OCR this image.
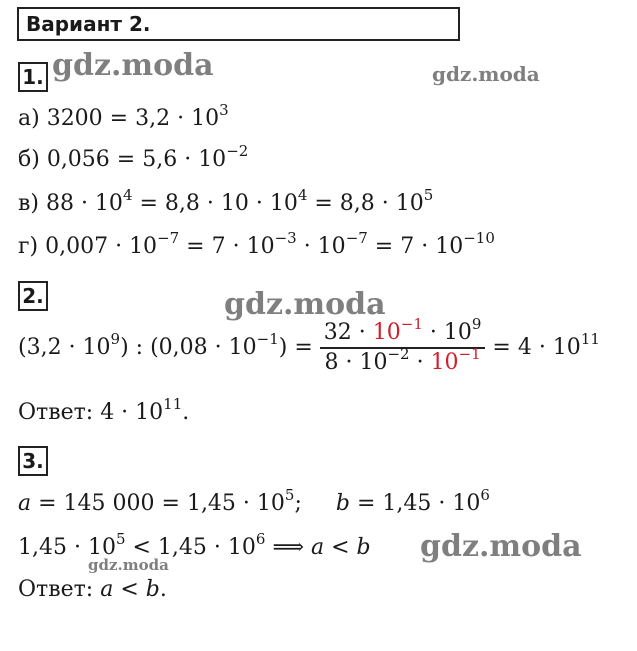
Вариант 2.
gdz.moda	gdz.moda
gdz.moda
gdz.moda
gdz.moda
1.
а) $3200 = 3,2 \cdot 10^3$
б) $0,056 = 5,6 \cdot 10^{-2}$
в) $88 \cdot 10^4 = 8,8 \cdot 10 \cdot 10^4 = 8,8 \cdot 10^5$
г) $0,007 \cdot 10^{-7} = 7 \cdot 10^{-3} \cdot 10^{-7} = 7 \cdot 10^{-10}$
2.
$(3,2 \cdot 10^9)$ : $(0,08 \cdot 10^{-1}) = \frac{32 \cdot 10^{-1} \cdot 10^9}{8 \cdot 10^{-2} \cdot 10^{-1}} = 4 \cdot 10^{11}$
Ответ: $4 \cdot 10^{11}$.
3.
a = 145 $000 = 1,45 \cdot 10^5$; $b = 1,45 \cdot 10^6$
$1,45 \cdot 10^5 < 1,45 \cdot 10^6$ ⟹ a < b
Ответ: a < b.
